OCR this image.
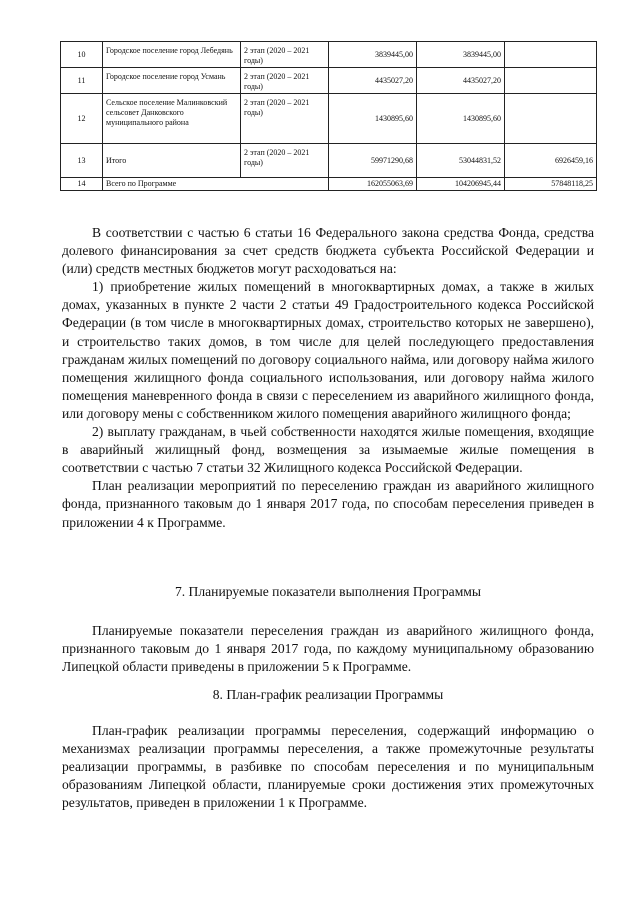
10	Городское поселение город Лебедянь	2 этап (2020 – 2021 годы)	3839445,00	3839445,00	
11	Городское поселение город Усмань	2 этап (2020 – 2021 годы)	4435027,20	4435027,20	
12	Сельское поселение Малинковский сельсовет Данковского муниципального района	2 этап (2020 – 2021 годы)	1430895,60	1430895,60	
13	Итого	2 этап (2020 – 2021 годы)	59971290,68	53044831,52	6926459,16
14	Всего по Программе		162055063,69	104206945,44	57848118,25

В соответствии с частью 6 статьи 16 Федерального закона средства Фонда, средства долевого финансирования за счет средств бюджета субъекта Российской Федерации и (или) средств местных бюджетов могут расходоваться на:

1) приобретение жилых помещений в многоквартирных домах, а также в жилых домах, указанных в пункте 2 части 2 статьи 49 Градостроительного кодекса Российской Федерации (в том числе в многоквартирных домах, строительство которых не завершено), и строительство таких домов, в том числе для целей последующего предоставления гражданам жилых помещений по договору социального найма, или договору найма жилого помещения жилищного фонда социального использования, или договору найма жилого помещения маневренного фонда в связи с переселением из аварийного жилищного фонда, или договору мены с собственником жилого помещения аварийного жилищного фонда;

2) выплату гражданам, в чьей собственности находятся жилые помещения, входящие в аварийный жилищный фонд, возмещения за изымаемые жилые помещения в соответствии с частью 7 статьи 32 Жилищного кодекса Российской Федерации.

План реализации мероприятий по переселению граждан из аварийного жилищного фонда, признанного таковым до 1 января 2017 года, по способам переселения приведен в приложении 4 к Программе.

7. Планируемые показатели выполнения Программы

Планируемые показатели переселения граждан из аварийного жилищного фонда, признанного таковым до 1 января 2017 года, по каждому муниципальному образованию Липецкой области приведены в приложении 5 к Программе.

8. План-график реализации Программы

План-график реализации программы переселения, содержащий информацию о механизмах реализации программы переселения, а также промежуточные результаты реализации программы, в разбивке по способам переселения и по муниципальным образованиям Липецкой области, планируемые сроки достижения этих промежуточных результатов, приведен в приложении 1 к Программе.
